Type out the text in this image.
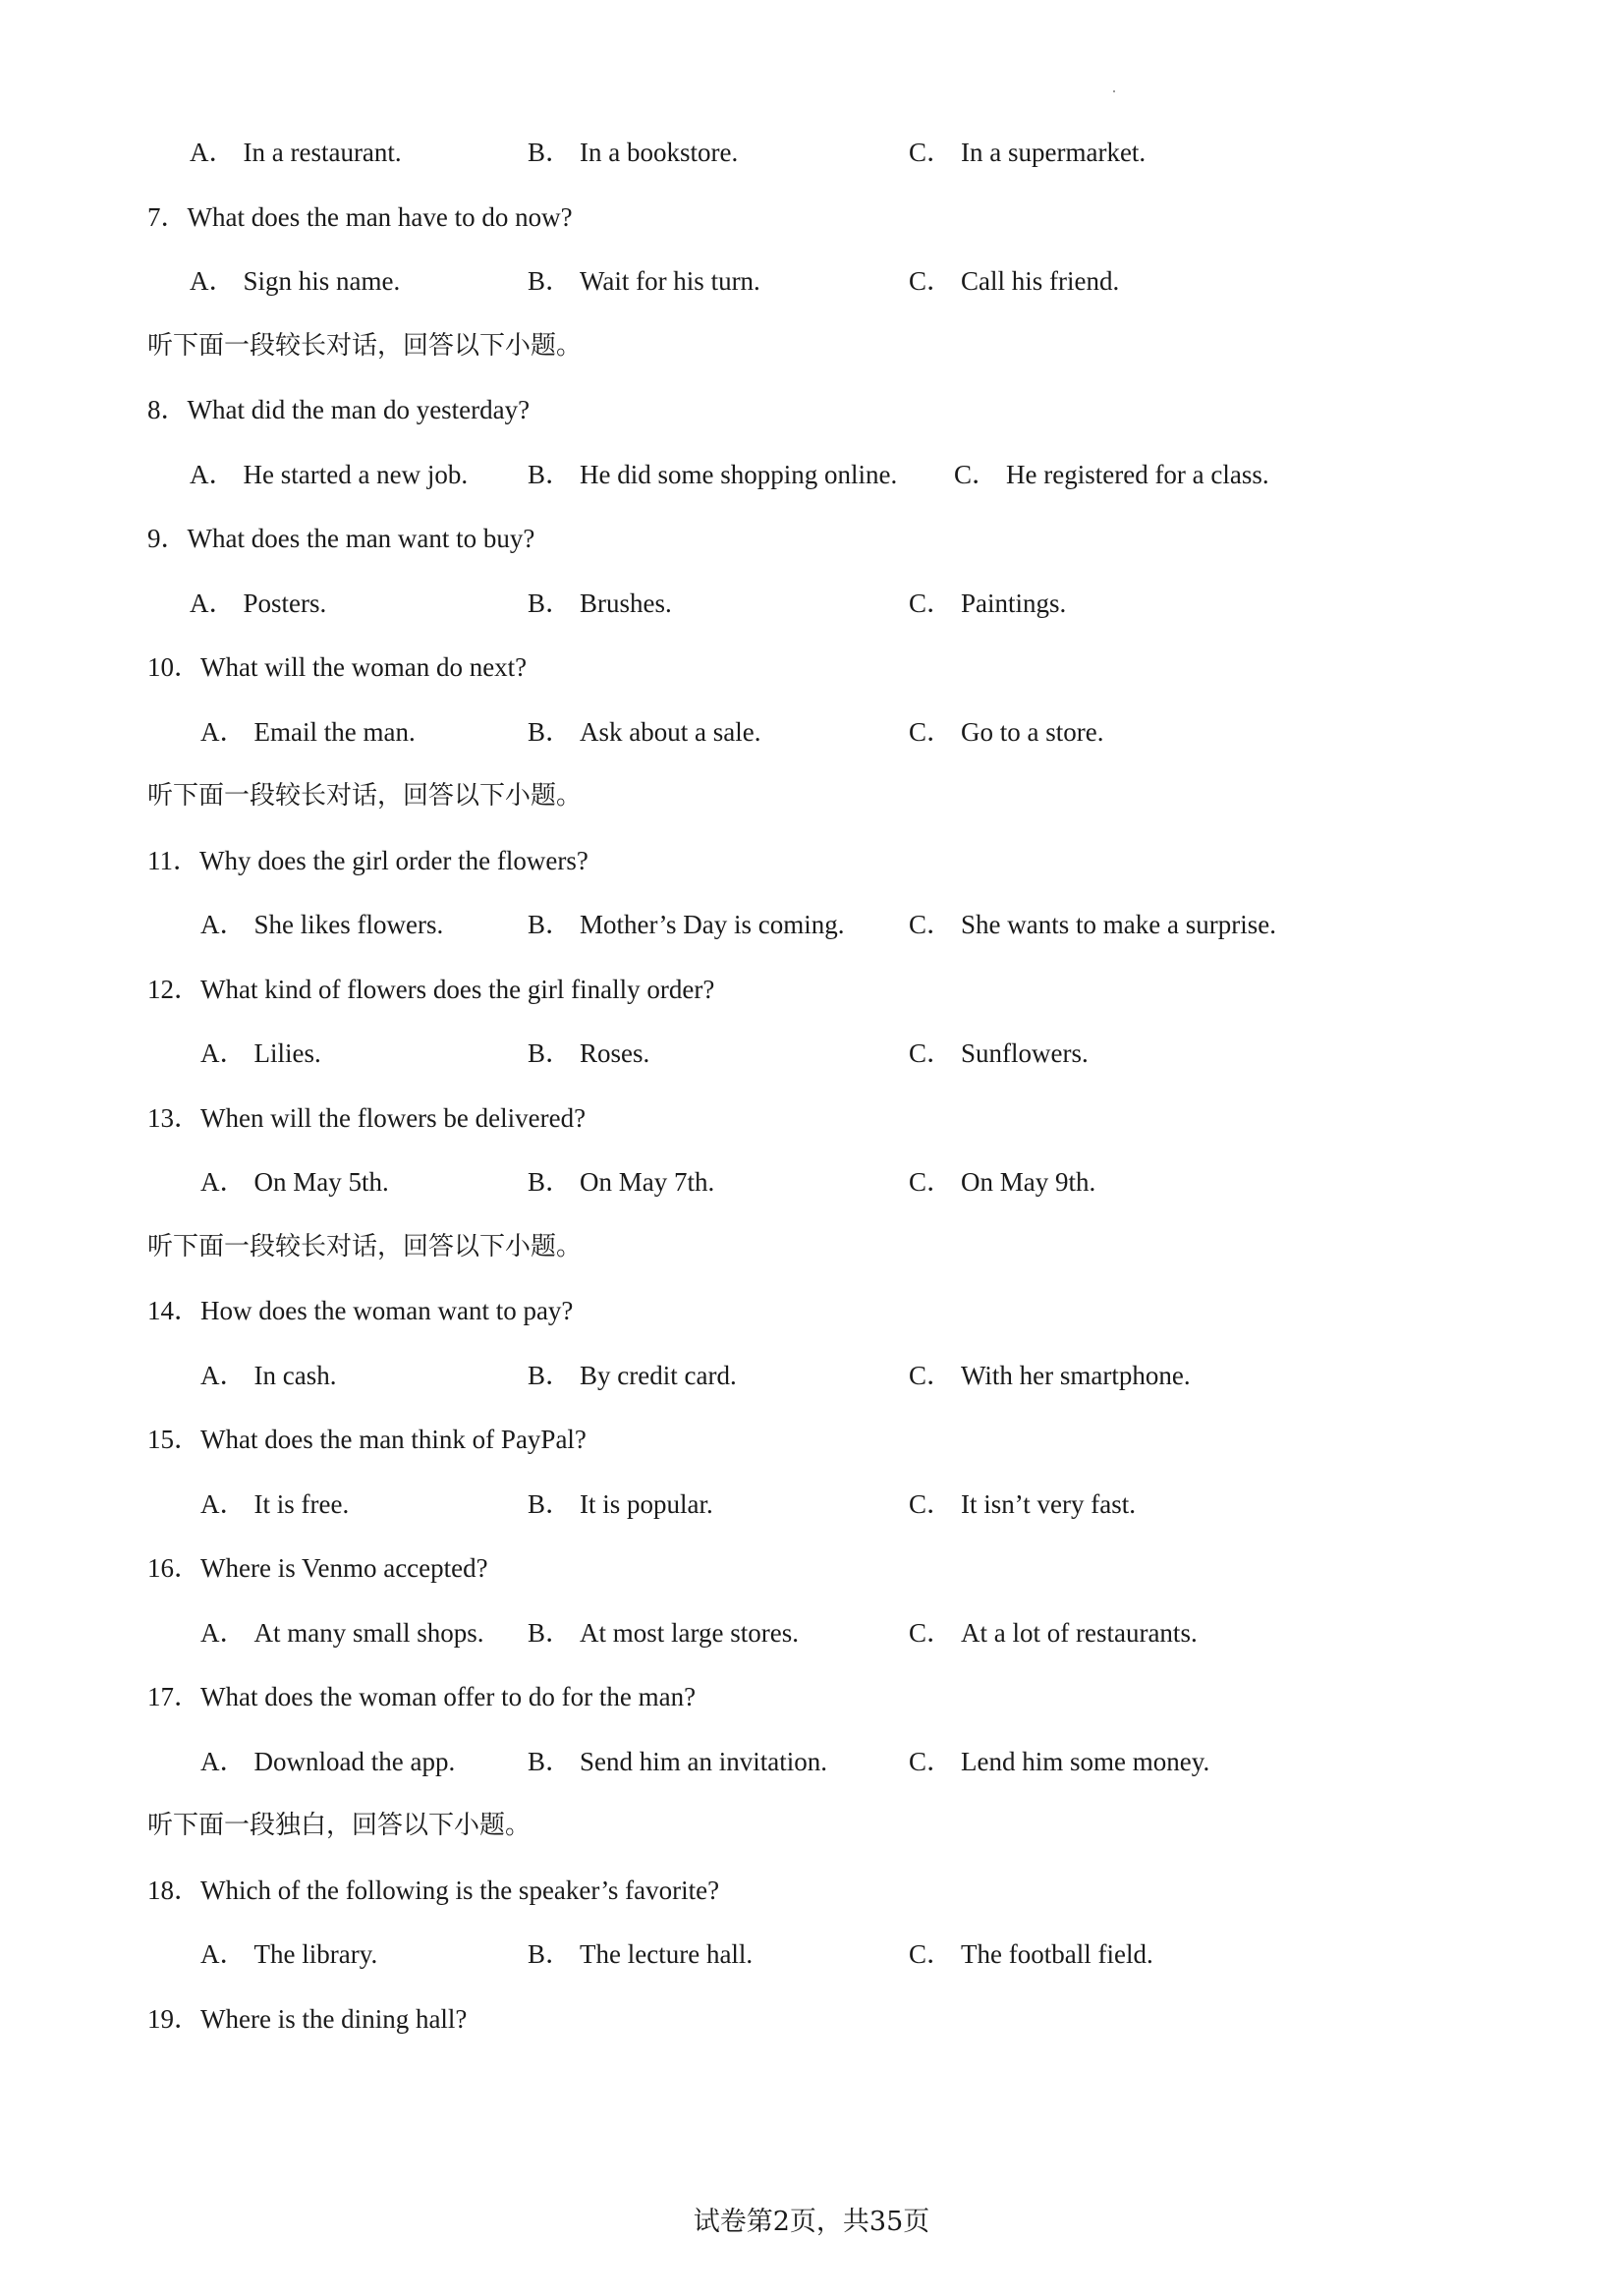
A． In a restaurant.	B． In a bookstore.	C． In a supermarket.
7．What does the man have to do now?
A． Sign his name.	B． Wait for his turn.	C． Call his friend.
听下面一段较长对话，回答以下小题。
8．What did the man do yesterday?
A． He started a new job. B． He did some shopping online. C． He registered for a class.
9．What does the man want to buy?
A． Posters.	B． Brushes.	C． Paintings.
10．What will the woman do next?
A． Email the man.	B． Ask about a sale.	C． Go to a store.
听下面一段较长对话，回答以下小题。
11．Why does the girl order the flowers?
A． She likes flowers.	B． Mother’s Day is coming. C． She wants to make a surprise.
12．What kind of flowers does the girl finally order?
A． Lilies.	B． Roses.	C． Sunflowers.
13．When will the flowers be delivered?
A． On May 5th.	B． On May 7th.	C． On May 9th.
听下面一段较长对话，回答以下小题。
14．How does the woman want to pay?
A． In cash.	B． By credit card.	C． With her smartphone.
15．What does the man think of PayPal?
A． It is free.	B． It is popular.	C． It isn’t very fast.
16．Where is Venmo accepted?
A． At many small shops. B． At most large stores.	C． At a lot of restaurants.
17．What does the woman offer to do for the man?
A． Download the app.	B． Send him an invitation.	C． Lend him some money.
听下面一段独白，回答以下小题。
18．Which of the following is the speaker’s favorite?
A． The library.	B． The lecture hall.	C． The football field.
19．Where is the dining hall?
试卷第2页，共35页
